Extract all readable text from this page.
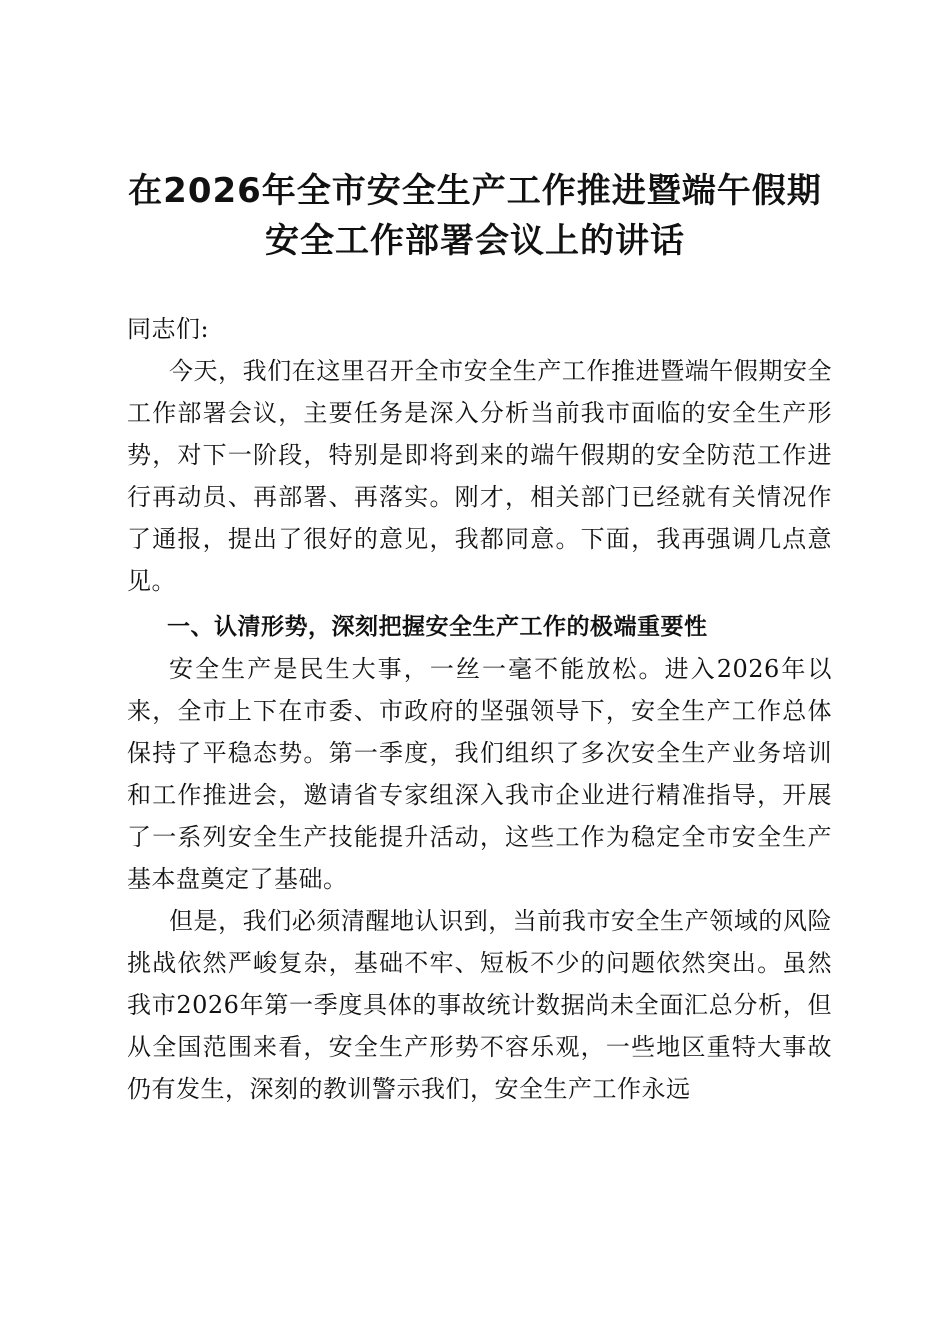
在2026年全市安全生产工作推进暨端午假期
安全工作部署会议上的讲话

同志们:

今天，我们在这里召开全市安全生产工作推进暨端午假期安全工作部署会议，主要任务是深入分析当前我市面临的安全生产形势，对下一阶段，特别是即将到来的端午假期的安全防范工作进行再动员、再部署、再落实。刚才，相关部门已经就有关情况作了通报，提出了很好的意见，我都同意。下面，我再强调几点意见。

一、认清形势，深刻把握安全生产工作的极端重要性

安全生产是民生大事，一丝一毫不能放松。进入2026年以来，全市上下在市委、市政府的坚强领导下，安全生产工作总体保持了平稳态势。第一季度，我们组织了多次安全生产业务培训和工作推进会，邀请省专家组深入我市企业进行精准指导，开展了一系列安全生产技能提升活动，这些工作为稳定全市安全生产基本盘奠定了基础。

但是，我们必须清醒地认识到，当前我市安全生产领域的风险挑战依然严峻复杂，基础不牢、短板不少的问题依然突出。虽然我市2026年第一季度具体的事故统计数据尚未全面汇总分析，但从全国范围来看，安全生产形势不容乐观，一些地区重特大事故仍有发生，深刻的教训警示我们，安全生产工作永远
